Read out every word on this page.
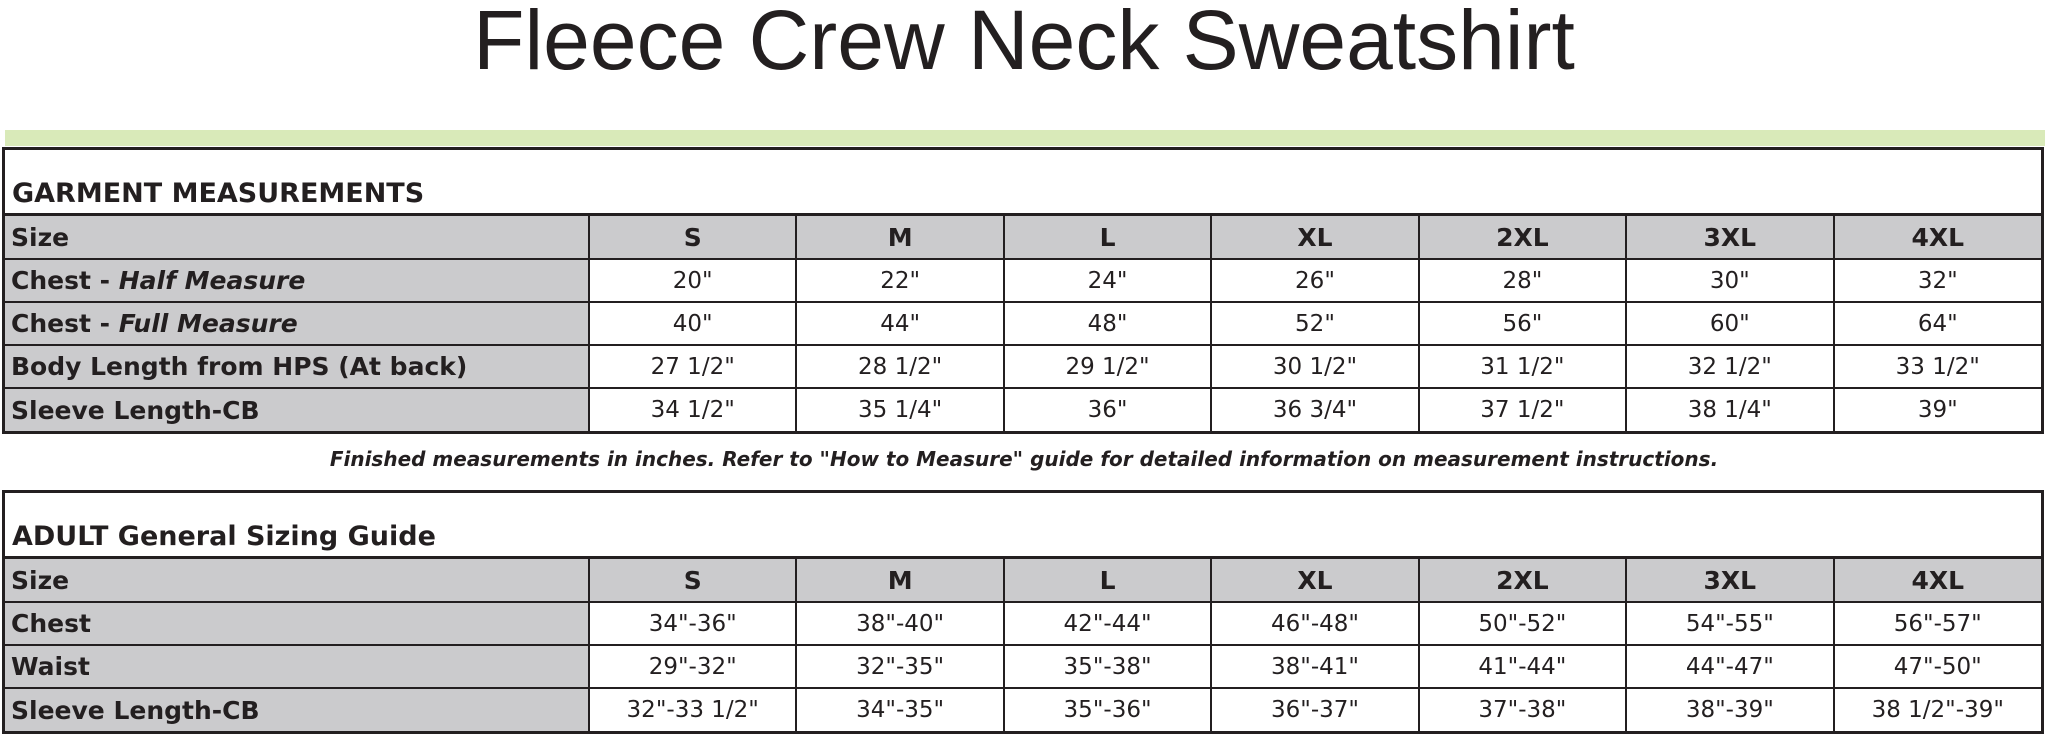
Fleece Crew Neck Sweatshirt
GARMENT MEASUREMENTS
Size	S	M	L	XL	2XL	3XL	4XL
Chest - Half Measure	20"	22"	24"	26"	28"	30"	32"
Chest - Full Measure	40"	44"	48"	52"	56"	60"	64"
Body Length from HPS (At back)	27 1/2"	28 1/2"	29 1/2"	30 1/2"	31 1/2"	32 1/2"	33 1/2"
Sleeve Length-CB	34 1/2"	35 1/4"	36"	36 3/4"	37 1/2"	38 1/4"	39"
Finished measurements in inches. Refer to "How to Measure" guide for detailed information on measurement instructions.
ADULT General Sizing Guide
Size	S	M	L	XL	2XL	3XL	4XL
Chest	34"-36"	38"-40"	42"-44"	46"-48"	50"-52"	54"-55"	56"-57"
Waist	29"-32"	32"-35"	35"-38"	38"-41"	41"-44"	44"-47"	47"-50"
Sleeve Length-CB	32"-33 1/2"	34"-35"	35"-36"	36"-37"	37"-38"	38"-39"	38 1/2"-39"
